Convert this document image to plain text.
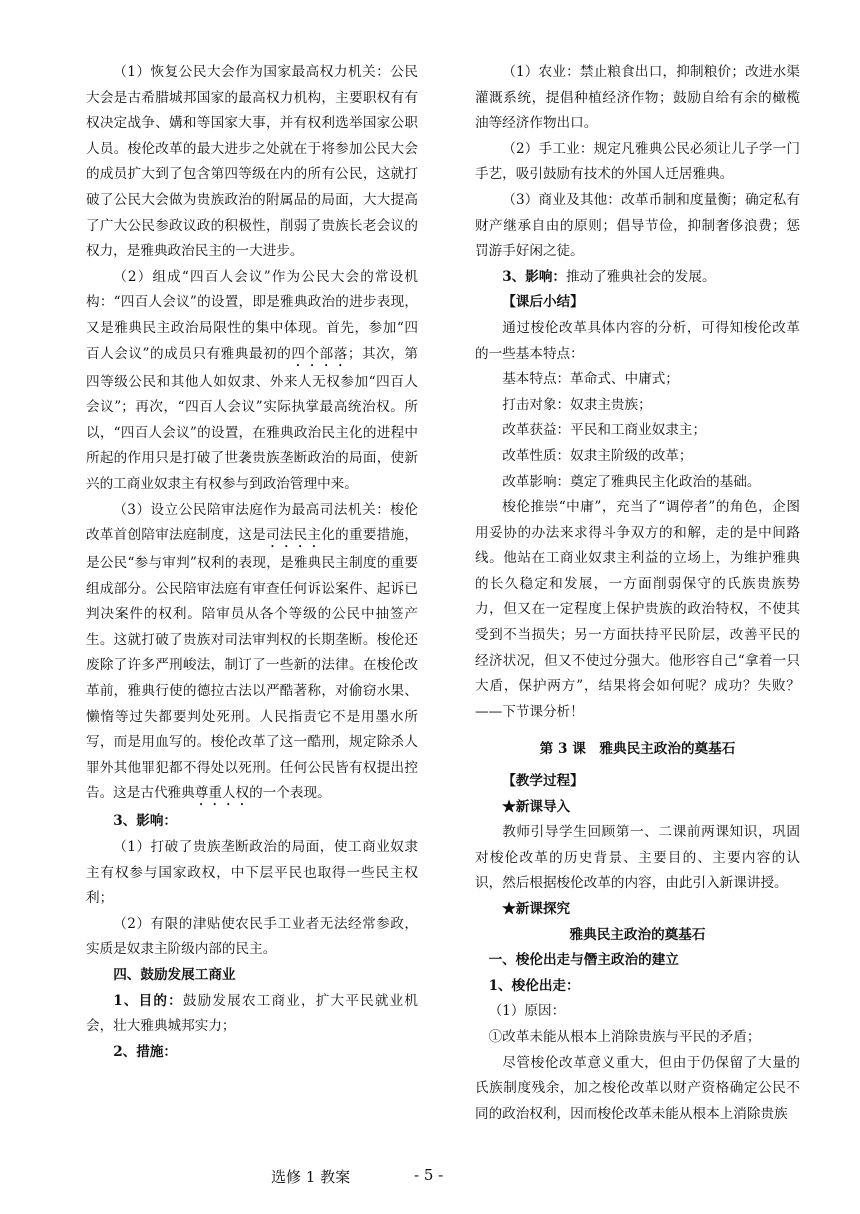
（1）恢复公民大会作为国家最高权力机关：公民大会是古希腊城邦国家的最高权力机构，主要职权有有权决定战争、媾和等国家大事，并有权利选举国家公职人员。梭伦改革的最大进步之处就在于将参加公民大会的成员扩大到了包含第四等级在内的所有公民，这就打破了公民大会做为贵族政治的附属品的局面，大大提高了广大公民参政议政的积极性，削弱了贵族长老会议的权力，是雅典政治民主的一大进步。

（2）组成“四百人会议”作为公民大会的常设机构：“四百人会议”的设置，即是雅典政治的进步表现，又是雅典民主政治局限性的集中体现。首先，参加“四百人会议”的成员只有雅典最初的四个部落；其次，第四等级公民和其他人如奴隶、外来人无权参加“四百人会议”；再次，“四百人会议”实际执掌最高统治权。所以，“四百人会议”的设置，在雅典政治民主化的进程中所起的作用只是打破了世袭贵族垄断政治的局面，使新兴的工商业奴隶主有权参与到政治管理中来。

（3）设立公民陪审法庭作为最高司法机关：梭伦改革首创陪审法庭制度，这是司法民主化的重要措施，是公民“参与审判”权利的表现，是雅典民主制度的重要组成部分。公民陪审法庭有审查任何诉讼案件、起诉已判决案件的权利。陪审员从各个等级的公民中抽签产生。这就打破了贵族对司法审判权的长期垄断。梭伦还废除了许多严刑峻法，制订了一些新的法律。在梭伦改革前，雅典行使的德拉古法以严酷著称，对偷窃水果、懒惰等过失都要判处死刑。人民指责它不是用墨水所写，而是用血写的。梭伦改革了这一酷刑，规定除杀人罪外其他罪犯都不得处以死刑。任何公民皆有权提出控告。这是古代雅典尊重人权的一个表现。

3、影响：

（1）打破了贵族垄断政治的局面，使工商业奴隶主有权参与国家政权，中下层平民也取得一些民主权利；

（2）有限的津贴使农民手工业者无法经常参政，实质是奴隶主阶级内部的民主。

四、鼓励发展工商业

1、目的：鼓励发展农工商业，扩大平民就业机会，壮大雅典城邦实力；

2、措施：

（1）农业：禁止粮食出口，抑制粮价；改进水渠灌溉系统，提倡种植经济作物；鼓励自给有余的橄榄油等经济作物出口。

（2）手工业：规定凡雅典公民必须让儿子学一门手艺，吸引鼓励有技术的外国人迁居雅典。

（3）商业及其他：改革币制和度量衡；确定私有财产继承自由的原则；倡导节俭，抑制奢侈浪费；惩罚游手好闲之徒。

3、影响：推动了雅典社会的发展。

【课后小结】

通过梭伦改革具体内容的分析，可得知梭伦改革的一些基本特点：

基本特点：革命式、中庸式；

打击对象：奴隶主贵族；

改革获益：平民和工商业奴隶主；

改革性质：奴隶主阶级的改革；

改革影响：奠定了雅典民主化政治的基础。

梭伦推崇“中庸”，充当了“调停者”的角色，企图用妥协的办法来求得斗争双方的和解，走的是中间路线。他站在工商业奴隶主利益的立场上，为维护雅典的长久稳定和发展，一方面削弱保守的氏族贵族势力，但又在一定程度上保护贵族的政治特权，不使其受到不当损失；另一方面扶持平民阶层，改善平民的经济状况，但又不使过分强大。他形容自己“拿着一只大盾，保护两方”，结果将会如何呢？成功？失败？——下节课分析！

第 3 课　雅典民主政治的奠基石

【教学过程】

★新课导入

教师引导学生回顾第一、二课前两课知识，巩固对梭伦改革的历史背景、主要目的、主要内容的认识，然后根据梭伦改革的内容，由此引入新课讲授。

★新课探究

雅典民主政治的奠基石

一、梭伦出走与僭主政治的建立

1、梭伦出走：

（1）原因：

①改革未能从根本上消除贵族与平民的矛盾；

尽管梭伦改革意义重大，但由于仍保留了大量的氏族制度残余，加之梭伦改革以财产资格确定公民不同的政治权利，因而梭伦改革未能从根本上消除贵族

选修 1 教案	- 5 -
